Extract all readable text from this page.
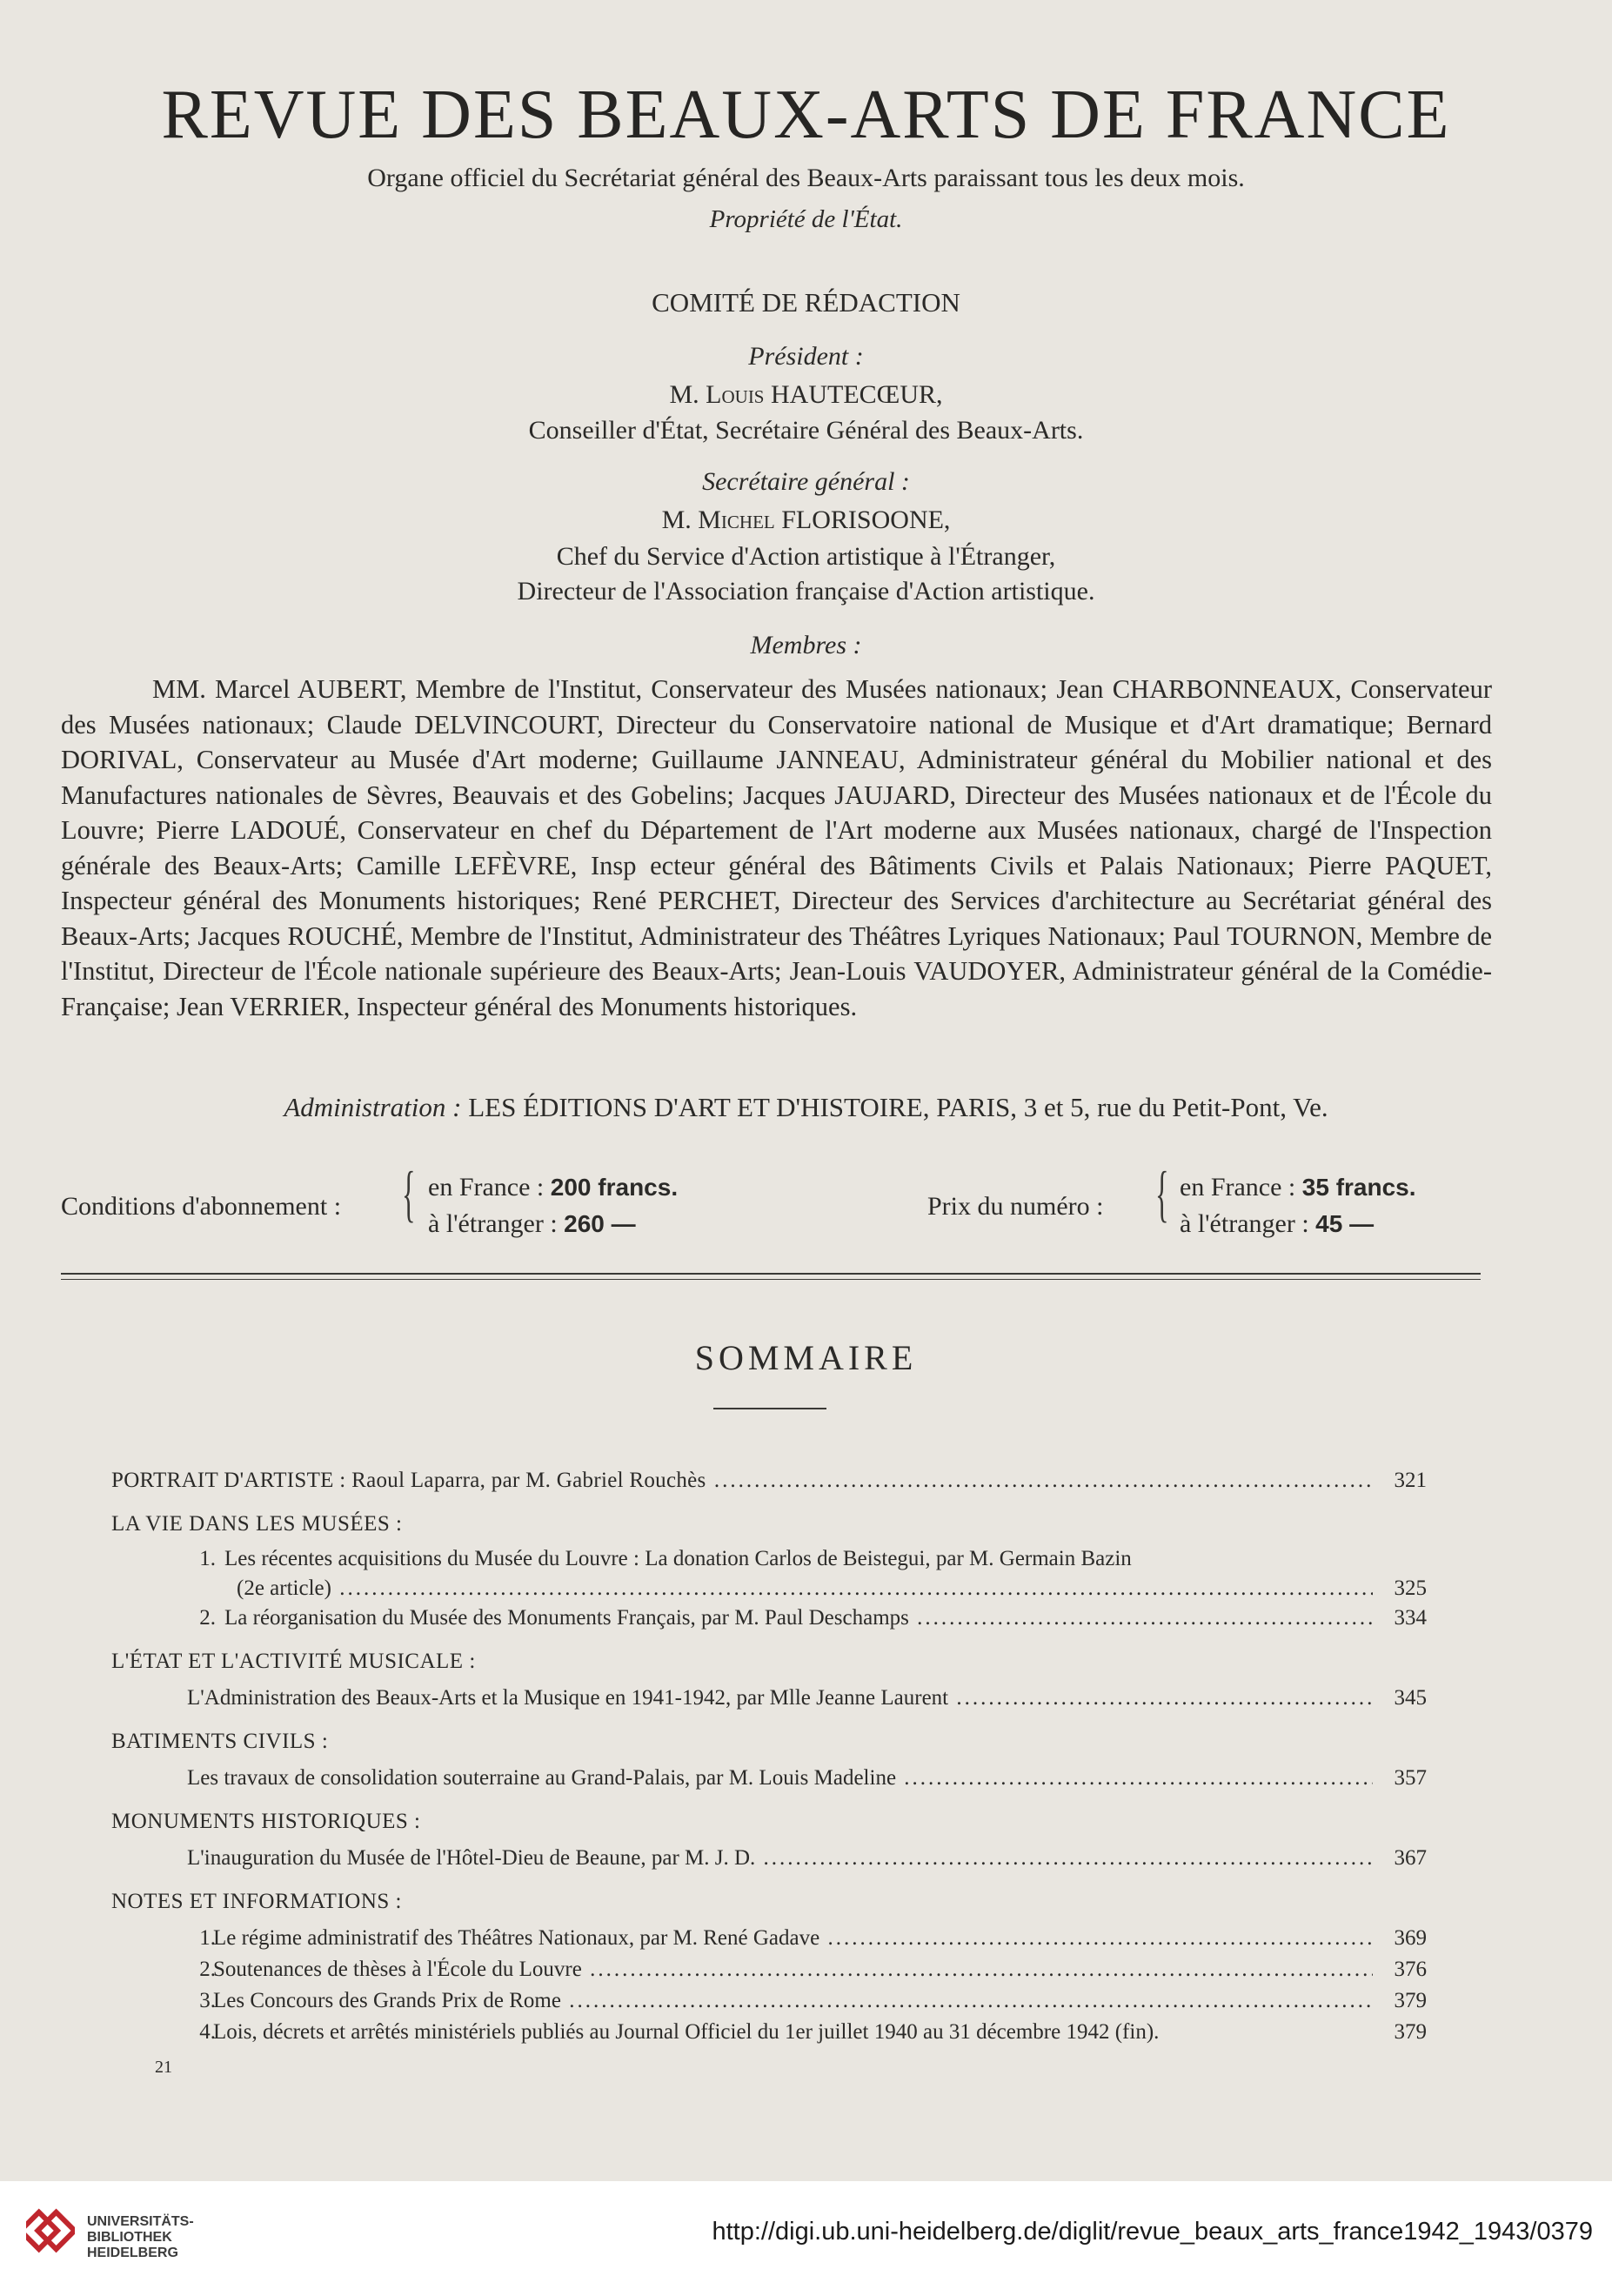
REVUE DES BEAUX-ARTS DE FRANCE
Organe officiel du Secrétariat général des Beaux-Arts paraissant tous les deux mois.
Propriété de l'État.
COMITÉ DE RÉDACTION
Président :
M. Louis HAUTECŒUR,
Conseiller d'État, Secrétaire Général des Beaux-Arts.
Secrétaire général :
M. Michel FLORISOONE,
Chef du Service d'Action artistique à l'Étranger,
Directeur de l'Association française d'Action artistique.
Membres :
MM. Marcel AUBERT, Membre de l'Institut, Conservateur des Musées nationaux; Jean CHARBONNEAUX, Conservateur des Musées nationaux; Claude DELVINCOURT, Directeur du Conservatoire national de Musique et d'Art dramatique; Bernard DORIVAL, Conservateur au Musée d'Art moderne; Guillaume JANNEAU, Administrateur général du Mobilier national et des Manufactures nationales de Sèvres, Beauvais et des Gobelins; Jacques JAUJARD, Directeur des Musées nationaux et de l'École du Louvre; Pierre LADOUÉ, Conservateur en chef du Département de l'Art moderne aux Musées nationaux, chargé de l'Inspection générale des Beaux-Arts; Camille LEFÈVRE, Insp ecteur général des Bâtiments Civils et Palais Nationaux; Pierre PAQUET, Inspecteur général des Monuments historiques; René PERCHET, Directeur des Services d'architecture au Secrétariat général des Beaux-Arts; Jacques ROUCHÉ, Membre de l'Institut, Administrateur des Théâtres Lyriques Nationaux; Paul TOURNON, Membre de l'Institut, Directeur de l'École nationale supérieure des Beaux-Arts; Jean-Louis VAUDOYER, Administrateur général de la Comédie-Française; Jean VERRIER, Inspecteur général des Monuments historiques.
Administration : LES ÉDITIONS D'ART ET D'HISTOIRE, PARIS, 3 et 5, rue du Petit-Pont, Ve.
Conditions d'abonnement : { en France : 200 francs.
à l'étranger : 260 —
Prix du numéro : { en France : 35 francs.
à l'étranger : 45 —
SOMMAIRE
PORTRAIT D'ARTISTE : Raoul Laparra, par M. Gabriel Rouchès .....	321
LA VIE DANS LES MUSÉES :
1. Les récentes acquisitions du Musée du Louvre : La donation Carlos de Beistegui, par M. Germain Bazin
(2e article) .....	325
2. La réorganisation du Musée des Monuments Français, par M. Paul Deschamps .....	334
L'ÉTAT ET L'ACTIVITÉ MUSICALE :
L'Administration des Beaux-Arts et la Musique en 1941-1942, par Mlle Jeanne Laurent .....	345
BATIMENTS CIVILS :
Les travaux de consolidation souterraine au Grand-Palais, par M. Louis Madeline .....	357
MONUMENTS HISTORIQUES :
L'inauguration du Musée de l'Hôtel-Dieu de Beaune, par M. J. D. .....	367
NOTES ET INFORMATIONS :
1.
Le régime administratif des Théâtres Nationaux, par M. René Gadave .....	369
2.
Soutenances de thèses à l'École du Louvre .....	376
3.
Les Concours des Grands Prix de Rome .....	379
4.
Lois, décrets et arrêtés ministériels publiés au Journal Officiel du 1er juillet 1940 au 31 décembre 1942 (fin).	379
21
UNIVERSITÄTS-
BIBLIOTHEK
HEIDELBERG
http://digi.ub.uni-heidelberg.de/diglit/revue_beaux_arts_france1942_1943/0379
